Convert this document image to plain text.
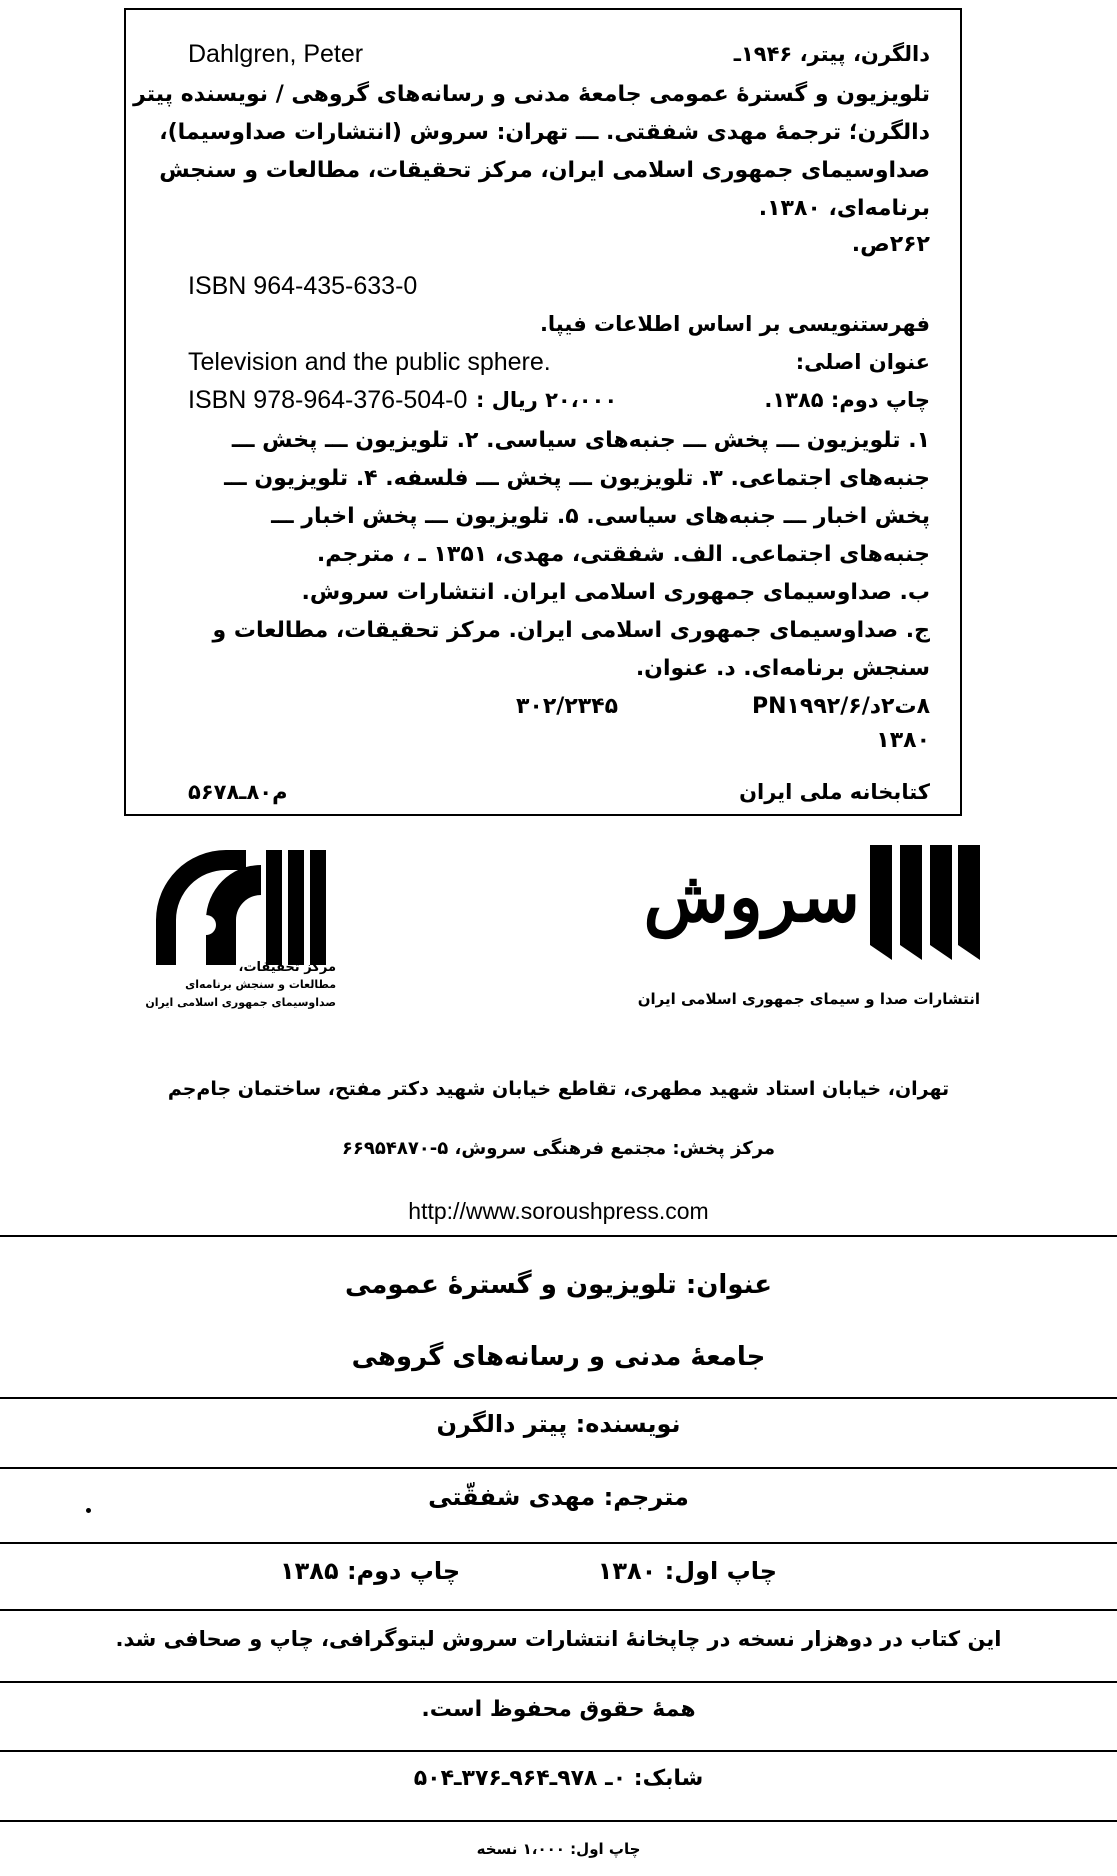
Dahlgren, Peter	دالگرن، پیتر، ۱۹۴۶ـ
تلویزیون و گسترهٔ عمومی جامعهٔ مدنی و رسانه‌های گروهی / نویسنده پیتر
دالگرن؛ ترجمهٔ مهدی شفقتی. ـــ تهران: سروش (انتشارات صداوسیما)،
صداوسیمای جمهوری اسلامی ایران، مرکز تحقیقات، مطالعات و سنجش
برنامه‌ای، ۱۳۸۰.
۲۶۲ص.
ISBN 964-435-633-0
فهرستنویسی بر اساس اطلاعات فیپا.
عنوان اصلی:
Television and the public sphere.
چاپ دوم: ۱۳۸۵.
۲۰،۰۰۰ ریال :
ISBN 978-964-376-504-0
۱. تلویزیون ـــ پخش ـــ جنبه‌های سیاسی. ۲. تلویزیون ـــ پخش ـــ
جنبه‌های اجتماعی. ۳. تلویزیون ـــ پخش ـــ فلسفه. ۴. تلویزیون ـــ
پخش اخبار ـــ جنبه‌های سیاسی. ۵. تلویزیون ـــ پخش اخبار ـــ
جنبه‌های اجتماعی. الف. شفقتی، مهدی، ۱۳۵۱ ـ ، مترجم.
ب. صداوسیمای جمهوری اسلامی ایران. انتشارات سروش.
ج. صداوسیمای جمهوری اسلامی ایران. مرکز تحقیقات، مطالعات و
سنجش برنامه‌ای. د. عنوان.
۸ت۲د/۶/PN۱۹۹۲
۳۰۲/۲۳۴۵
۱۳۸۰
کتابخانه ملی ایران
م۸۰ـ۵۶۷۸
مرکز تحقیقات،
مطالعات و سنجش برنامه‌ای
صداوسیمای جمهوری اسلامی ایران
سروش
انتشارات صدا و سیمای جمهوری اسلامی ایران
تهران، خیابان استاد شهید مطهری، تقاطع خیابان شهید دکتر مفتح، ساختمان جام‌جم
مرکز پخش: مجتمع فرهنگی سروش، ۵-۶۶۹۵۴۸۷۰
http://www.soroushpress.com
عنوان: تلویزیون و گسترهٔ عمومی
جامعهٔ مدنی و رسانه‌های گروهی
نویسنده: پیتر دالگرن
مترجم: مهدی شفقّتی
چاپ اول: ۱۳۸۰
چاپ دوم: ۱۳۸۵
این کتاب در دوهزار نسخه در چاپخانهٔ انتشارات سروش لیتوگرافی، چاپ و صحافی شد.
همهٔ حقوق محفوظ است.
شابک: ۰ـ ۹۷۸ـ۹۶۴ـ۳۷۶ـ۵۰۴
چاپ اول: ۱،۰۰۰ نسخه
